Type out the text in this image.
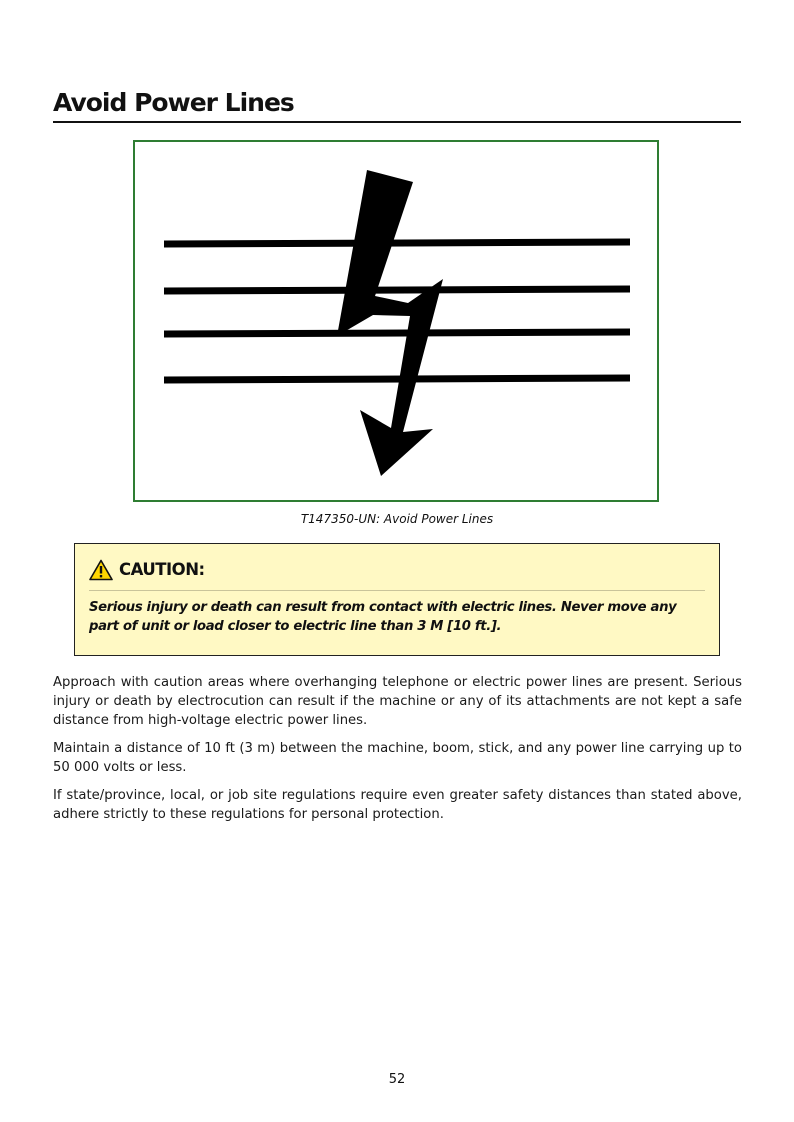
Avoid Power Lines
T147350-UN: Avoid Power Lines
CAUTION:
Serious injury or death can result from contact with electric lines. Never move any part of unit or load closer to electric line than 3 M [10 ft.].

Approach with caution areas where overhanging telephone or electric power lines are present. Serious injury or death by electrocution can result if the machine or any of its attachments are not kept a safe distance from high-voltage electric power lines.

Maintain a distance of 10 ft (3 m) between the machine, boom, stick, and any power line carrying up to 50 000 volts or less.

If state/province, local, or job site regulations require even greater safety distances than stated above, adhere strictly to these regulations for personal protection.

52
